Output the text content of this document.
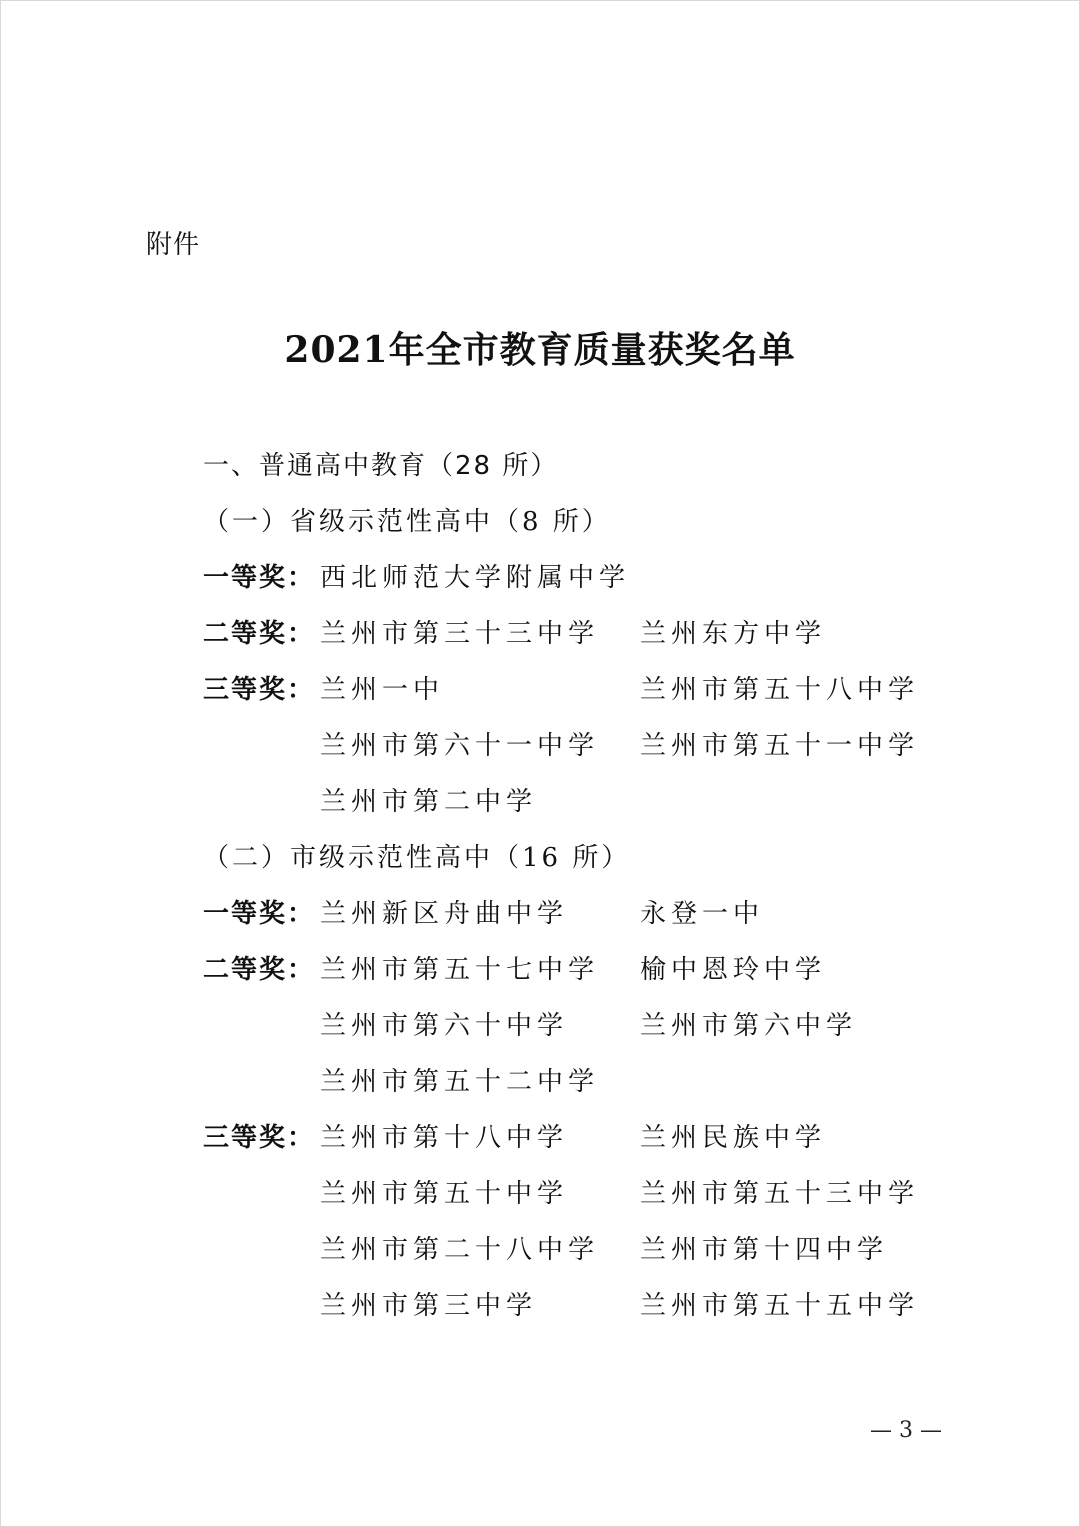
附件
2021年全市教育质量获奖名单
一、普通高中教育（28 所）
（一）省级示范性高中（8 所）
一等奖： 西北师范大学附属中学
二等奖： 兰州市第三十三中学 兰州东方中学
三等奖： 兰州一中	兰州市第五十八中学
兰州市第六十一中学 兰州市第五十一中学
兰州市第二中学
（二）市级示范性高中（16 所）
一等奖： 兰州新区舟曲中学	永登一中
二等奖： 兰州市第五十七中学 榆中恩玲中学
兰州市第六十中学	兰州市第六中学
兰州市第五十二中学
三等奖： 兰州市第十八中学	兰州民族中学
兰州市第五十中学	兰州市第五十三中学
兰州市第二十八中学 兰州市第十四中学
兰州市第三中学	兰州市第五十五中学
— 3 —
